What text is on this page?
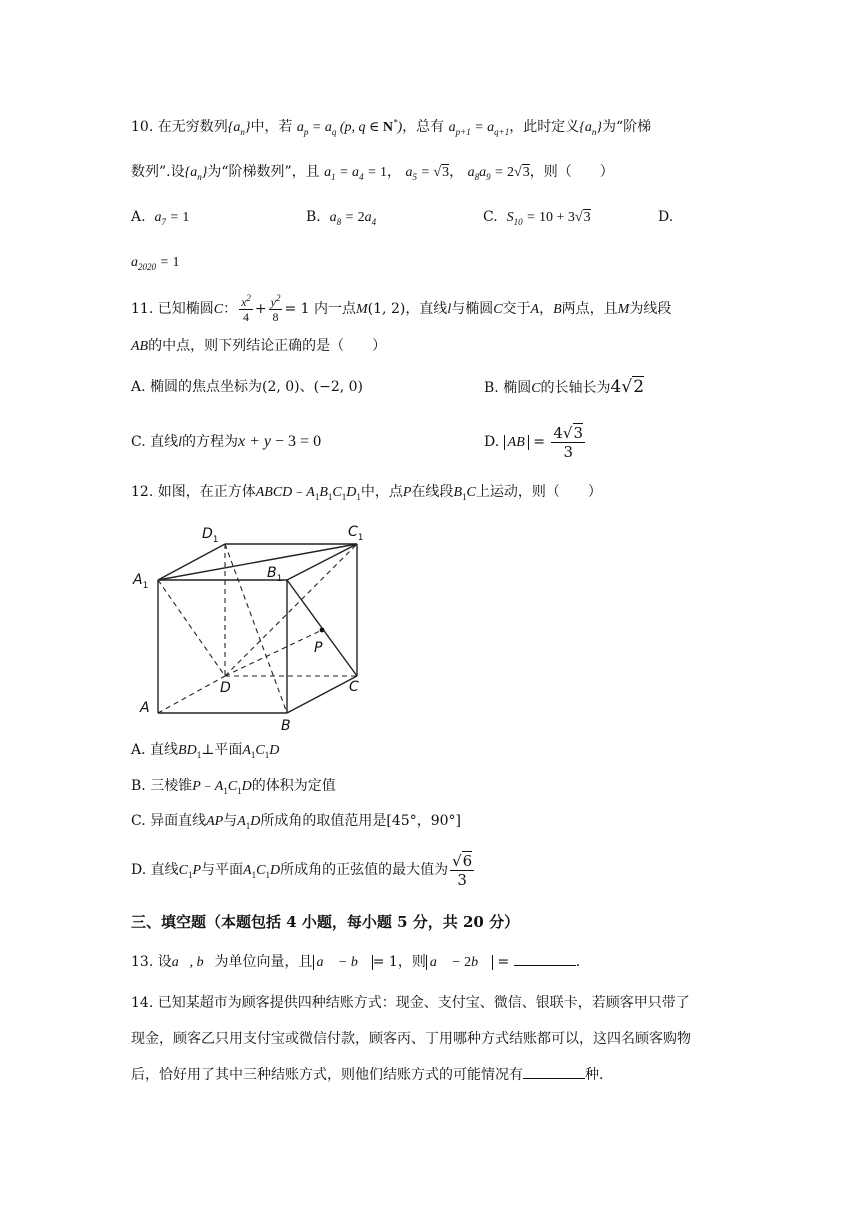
10. 在无穷数列$\{a_n\}$中，若 $a_p = a_q$ (p, q ∈ N*)，总有 $a_{p+1} = a_{q+1}$，此时定义$\{a_n\}$为“阶梯
数列”.设$\{a_n\}$为“阶梯数列”，且 $a_1 = a_4 = 1$， $a_5 = √3$， $a_8a_9 = 2√3$，则（　　）
A. $a_7 = 1$	B. $a_8 = 2a_4$	C. $S_{10} = 10 + 3√3$	D.
$a_{2020} = 1$
11. 已知椭圆C： $\frac{x^2}{4} + \frac{y^2}{8} = 1$ 内一点M(1, 2)，直线l与椭圆C交于A，B两点，且M为线段
AB的中点，则下列结论正确的是（　　）
A. 椭圆的焦点坐标为(2, 0)、(−2, 0)	B. 椭圆C的长轴长为4√2
C. 直线l的方程为x + y − 3 = 0	D. AB = $\frac{4√3}{3}$
12. 如图，在正方体$ABCD﹣A_1B_1C_1D_1$中，点P在线段$B_1C$上运动，则（　　）
$D_1$	$C_1$
$A_1$
$B_1$
P
D	C
A
B
A. 直线$BD_1\perp$平面$A_1C_1D$
B. 三棱锥$P﹣A_1C_1D$的体积为定值
C. 异面直线AP与$A_1D$所成角的取值范用是[45°，90°]
D. 直线$C_1P$与平面$A_1C_1D$所成角的正弦值的最大值为 $\frac{√6}{3}$
三、填空题（本题包括 4 小题，每小题 5 分，共 20 分）
13. 设a⃗, b⃗为单位向量，且 a⃗ − b⃗ = 1，则 a⃗ − 2b⃗ =	.
14. 已知某超市为顾客提供四种结账方式：现金、支付宝、微信、银联卡，若顾客甲只带了
现金，顾客乙只用支付宝或微信付款，顾客丙、丁用哪种方式结账都可以，这四名顾客购物
后，恰好用了其中三种结账方式，则他们结账方式的可能情况有	种.
